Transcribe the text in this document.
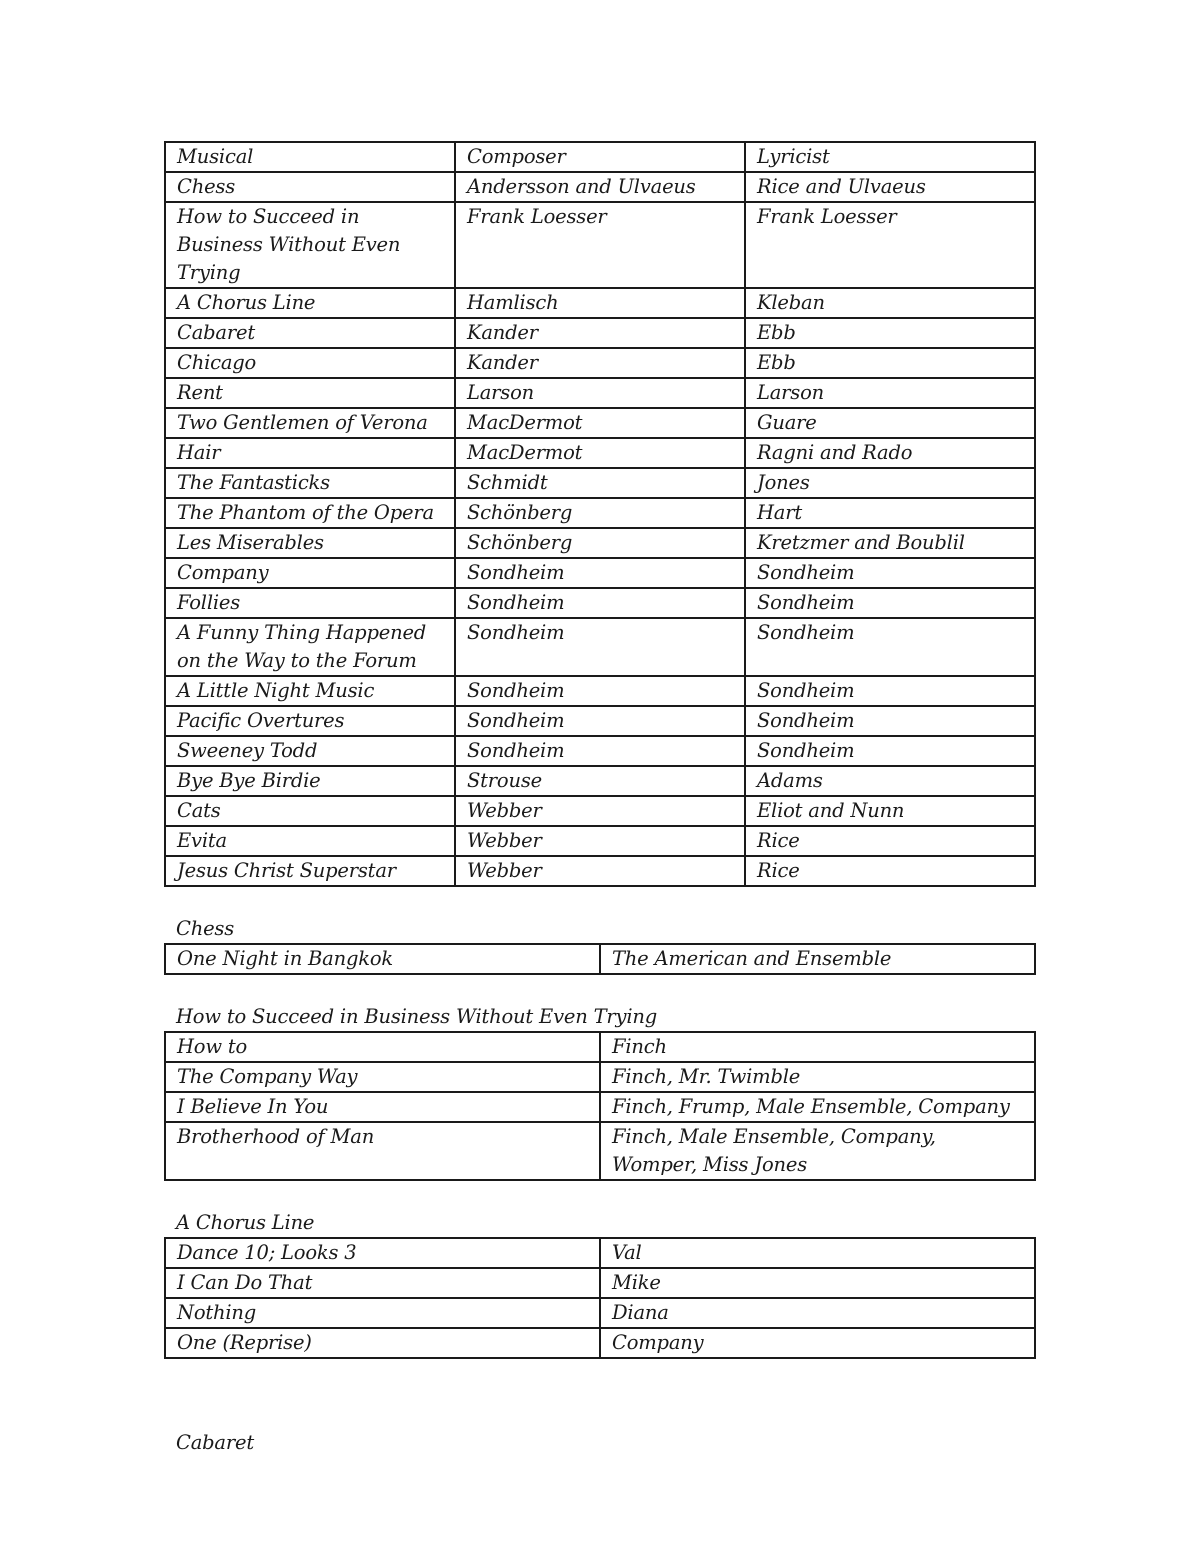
Musical	Composer	Lyricist
Chess	Andersson and Ulvaeus	Rice and Ulvaeus
How to Succeed in Business Without Even Trying	Frank Loesser	Frank Loesser
A Chorus Line	Hamlisch	Kleban
Cabaret	Kander	Ebb
Chicago	Kander	Ebb
Rent	Larson	Larson
Two Gentlemen of Verona	MacDermot	Guare
Hair	MacDermot	Ragni and Rado
The Fantasticks	Schmidt	Jones
The Phantom of the Opera	Schönberg	Hart
Les Miserables	Schönberg	Kretzmer and Boublil
Company	Sondheim	Sondheim
Follies	Sondheim	Sondheim
A Funny Thing Happened on the Way to the Forum	Sondheim	Sondheim
A Little Night Music	Sondheim	Sondheim
Pacific Overtures	Sondheim	Sondheim
Sweeney Todd	Sondheim	Sondheim
Bye Bye Birdie	Strouse	Adams
Cats	Webber	Eliot and Nunn
Evita	Webber	Rice
Jesus Christ Superstar	Webber	Rice
Chess
One Night in Bangkok	The American and Ensemble
How to Succeed in Business Without Even Trying
How to	Finch
The Company Way	Finch, Mr. Twimble
I Believe In You	Finch, Frump, Male Ensemble, Company
Brotherhood of Man	Finch, Male Ensemble, Company, Womper, Miss Jones
A Chorus Line
Dance 10; Looks 3	Val
I Can Do That	Mike
Nothing	Diana
One (Reprise)	Company
Cabaret
